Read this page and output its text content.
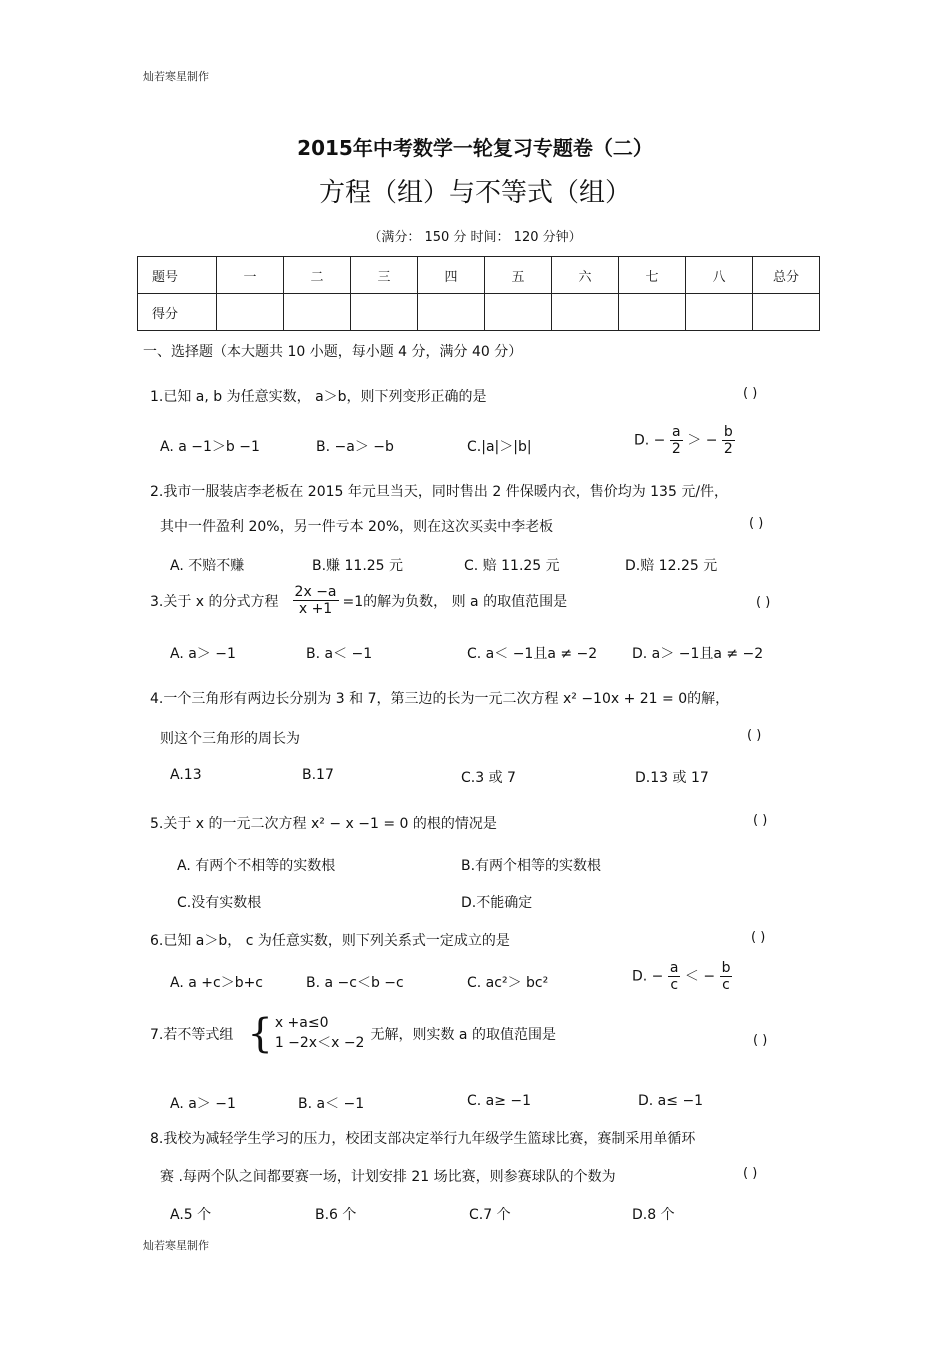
灿若寒星制作
2015年中考数学一轮复习专题卷（二）
方程（组）与不等式（组）
（满分： 150 分 时间： 120 分钟）
题号	一	二	三	四	五	六	七	八	总分
得分									
一、选择题（本大题共 10 小题，每小题 4 分，满分 40 分）
1.已知 a, b 为任意实数， a＞b，则下列变形正确的是	( )
A. a −1＞b −1	B. −a＞ −b	C.|a|＞|b|	D. − $\frac{a}{2}$ ＞ − $\frac{b}{2}$
2.我市一服装店李老板在 2015 年元旦当天，同时售出 2 件保暖内衣，售价均为 135 元/件，
其中一件盈利 20%，另一件亏本 20%，则在这次买卖中李老板	( )
A. 不赔不赚	B.赚 11.25 元	C. 赔 11.25 元	D.赔 12.25 元
3.关于 x 的分式方程 $\frac{2x -a}{x +1} =1$的解为负数， 则 a 的取值范围是	( )
A. a＞ −1	B. a＜ −1	C. a＜ −1且a ≠ −2 D. a＞ −1且a ≠ −2
4.一个三角形有两边长分别为 3 和 7，第三边的长为一元二次方程 x² −10x + 21 = 0的解，
则这个三角形的周长为	( )
A.13	B.17	C.3 或 7	D.13 或 17
5.关于 x 的一元二次方程 x² − x −1 = 0 的根的情况是	( )
A. 有两个不相等的实数根	B.有两个相等的实数根
C.没有实数根	D.不能确定
6.已知 a＞b， c 为任意实数，则下列关系式一定成立的是	( )
A. a +c＞b+c	B. a −c＜b −c	C. ac²＞ bc²	D. − $\frac{a}{c}$ ＜ − $\frac{b}{c}$
7.若不等式组 { x +a≤0
1 −2x＜x −2 无解，则实数 a 的取值范围是	( )
A. a＞ −1	B. a＜ −1	C. a≥ −1	D. a≤ −1
8.我校为减轻学生学习的压力，校团支部决定举行九年级学生篮球比赛，赛制采用单循环
赛 .每两个队之间都要赛一场，计划安排 21 场比赛，则参赛球队的个数为	( )
A.5 个	B.6 个	C.7 个	D.8 个
灿若寒星制作
